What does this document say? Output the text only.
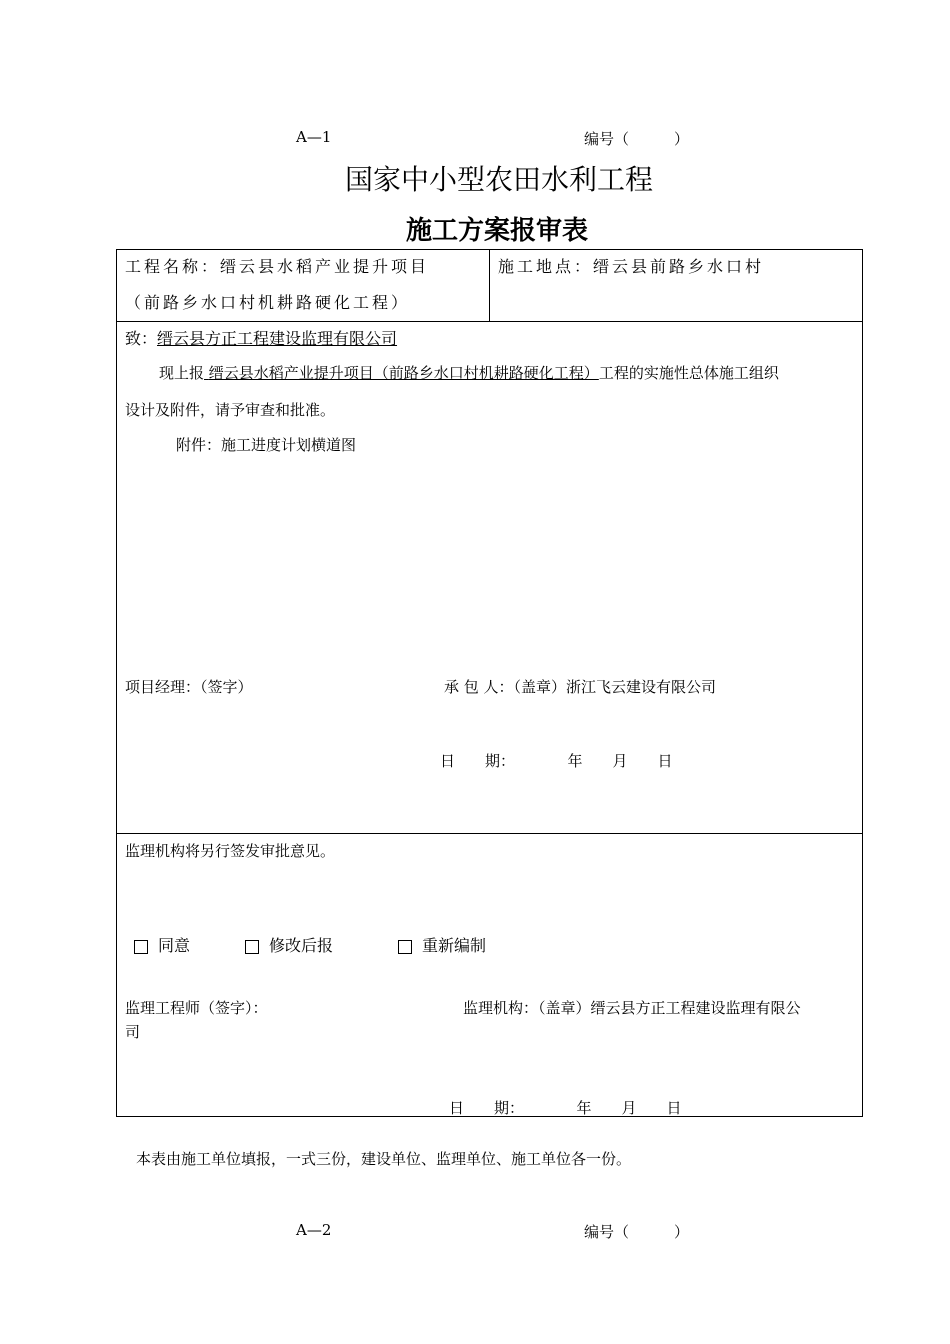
A—1	编号（　　　）
国家中小型农田水利工程
施工方案报审表
工程名称：缙云县水稻产业提升项目
（前路乡水口村机耕路硬化工程）
施工地点：缙云县前路乡水口村
致：缙云县方正工程建设监理有限公司
现上报 缙云县水稻产业提升项目（前路乡水口村机耕路硬化工程）工程的实施性总体施工组织
设计及附件，请予审查和批准。
附件：施工进度计划横道图
项目经理：（签字）	承 包 人：（盖章）浙江飞云建设有限公司
日　　期：　　　　年　　月　　日
监理机构将另行签发审批意见。
同意	修改后报	重新编制
监理工程师（签字）：	监理机构：（盖章）缙云县方正工程建设监理有限公
司
日　　期：　　　　年　　月　　日
本表由施工单位填报，一式三份，建设单位、监理单位、施工单位各一份。
A—2	编号（　　　）
